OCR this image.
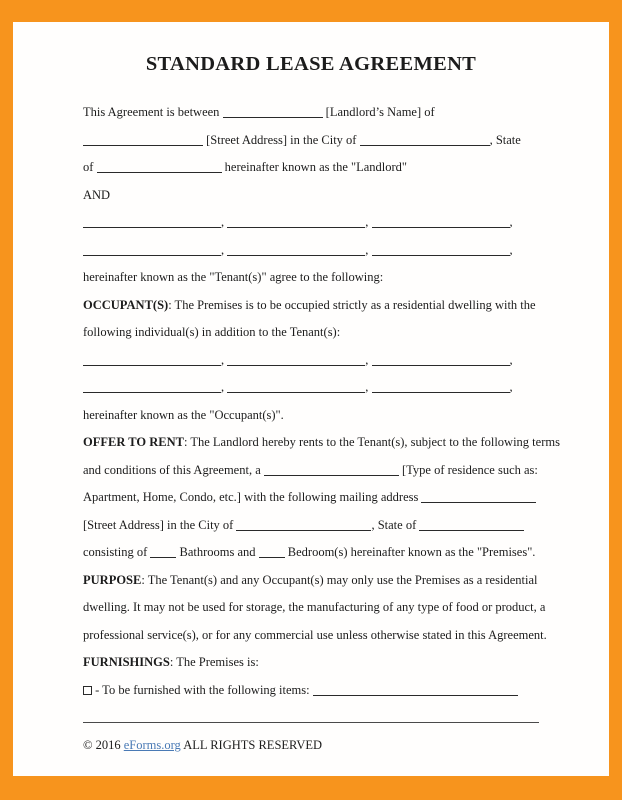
STANDARD LEASE AGREEMENT

This Agreement is between	[Landlord’s Name] of

[Street Address] in the City of	, State

of	hereinafter known as the "Landlord"

AND

,	,	,

,	,	,

hereinafter known as the "Tenant(s)" agree to the following:

OCCUPANT(S): The Premises is to be occupied strictly as a residential dwelling with the

following individual(s) in addition to the Tenant(s):

,	,	,

,	,	,

hereinafter known as the "Occupant(s)".

OFFER TO RENT: The Landlord hereby rents to the Tenant(s), subject to the following terms

and conditions of this Agreement, a	[Type of residence such as:

Apartment, Home, Condo, etc.] with the following mailing address

[Street Address] in the City of	, State of

consisting of  Bathrooms and  Bedroom(s) hereinafter known as the "Premises".

PURPOSE: The Tenant(s) and any Occupant(s) may only use the Premises as a residential

dwelling. It may not be used for storage, the manufacturing of any type of food or product, a

professional service(s), or for any commercial use unless otherwise stated in this Agreement.

FURNISHINGS: The Premises is:

- To be furnished with the following items:

© 2016 eForms.org ALL RIGHTS RESERVED
